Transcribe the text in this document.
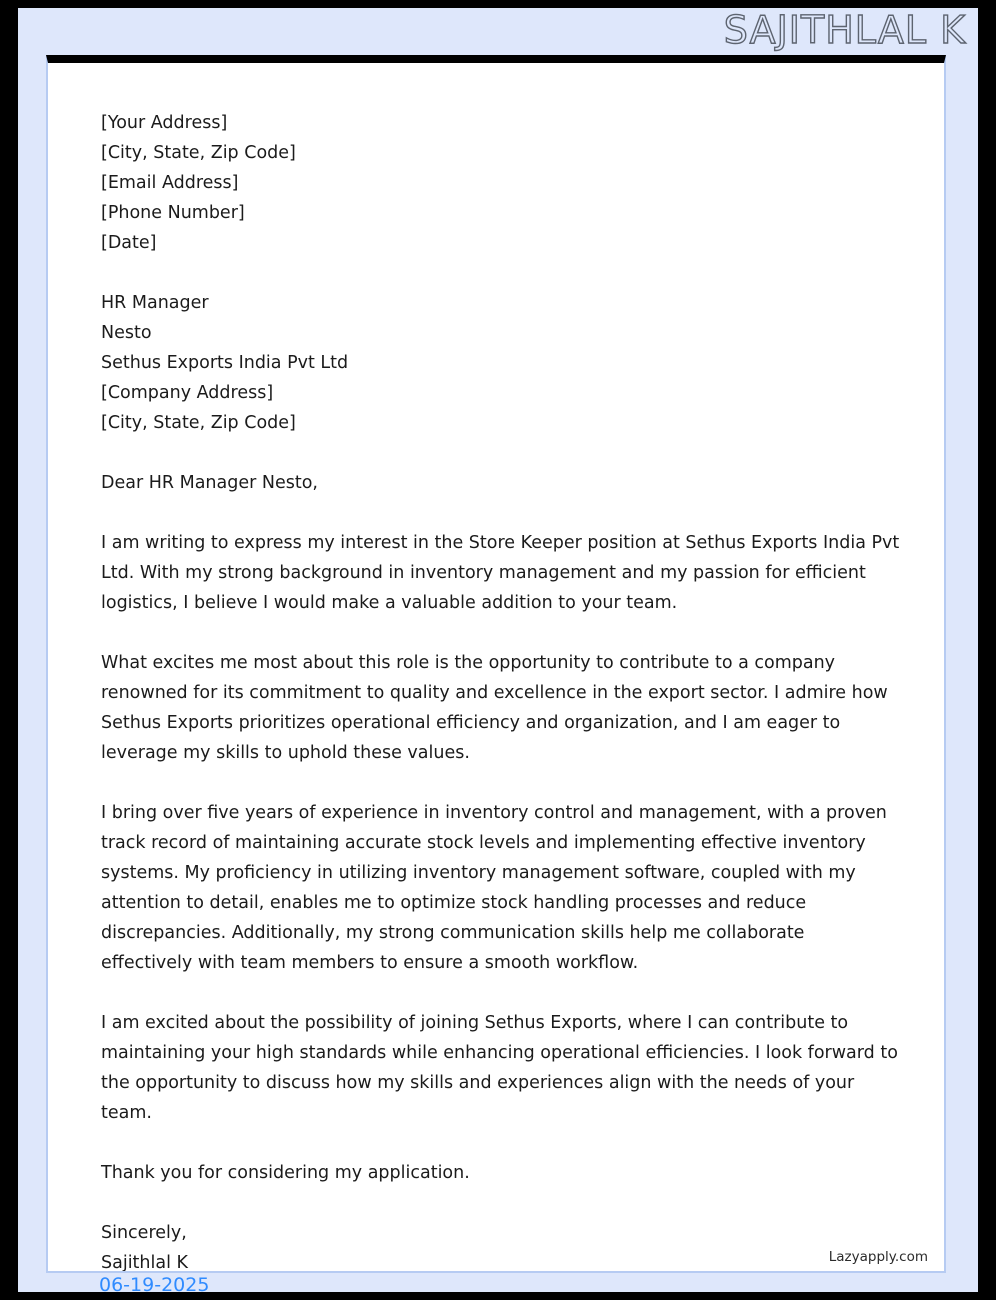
SAJITHLAL K
[Your Address]
[City, State, Zip Code]
[Email Address]
[Phone Number]
[Date]
HR Manager
Nesto
Sethus Exports India Pvt Ltd
[Company Address]
[City, State, Zip Code]

Dear HR Manager Nesto,

I am writing to express my interest in the Store Keeper position at Sethus Exports India Pvt Ltd. With my strong background in inventory management and my passion for efficient logistics, I believe I would make a valuable addition to your team.

What excites me most about this role is the opportunity to contribute to a company renowned for its commitment to quality and excellence in the export sector. I admire how Sethus Exports prioritizes operational efficiency and organization, and I am eager to leverage my skills to uphold these values.

I bring over five years of experience in inventory control and management, with a proven track record of maintaining accurate stock levels and implementing effective inventory systems. My proficiency in utilizing inventory management software, coupled with my attention to detail, enables me to optimize stock handling processes and reduce discrepancies. Additionally, my strong communication skills help me collaborate effectively with team members to ensure a smooth workflow.

I am excited about the possibility of joining Sethus Exports, where I can contribute to maintaining your high standards while enhancing operational efficiencies. I look forward to the opportunity to discuss how my skills and experiences align with the needs of your team.

Thank you for considering my application.

Sincerely,
Sajithlal K	Lazyapply.com
06-19-2025
